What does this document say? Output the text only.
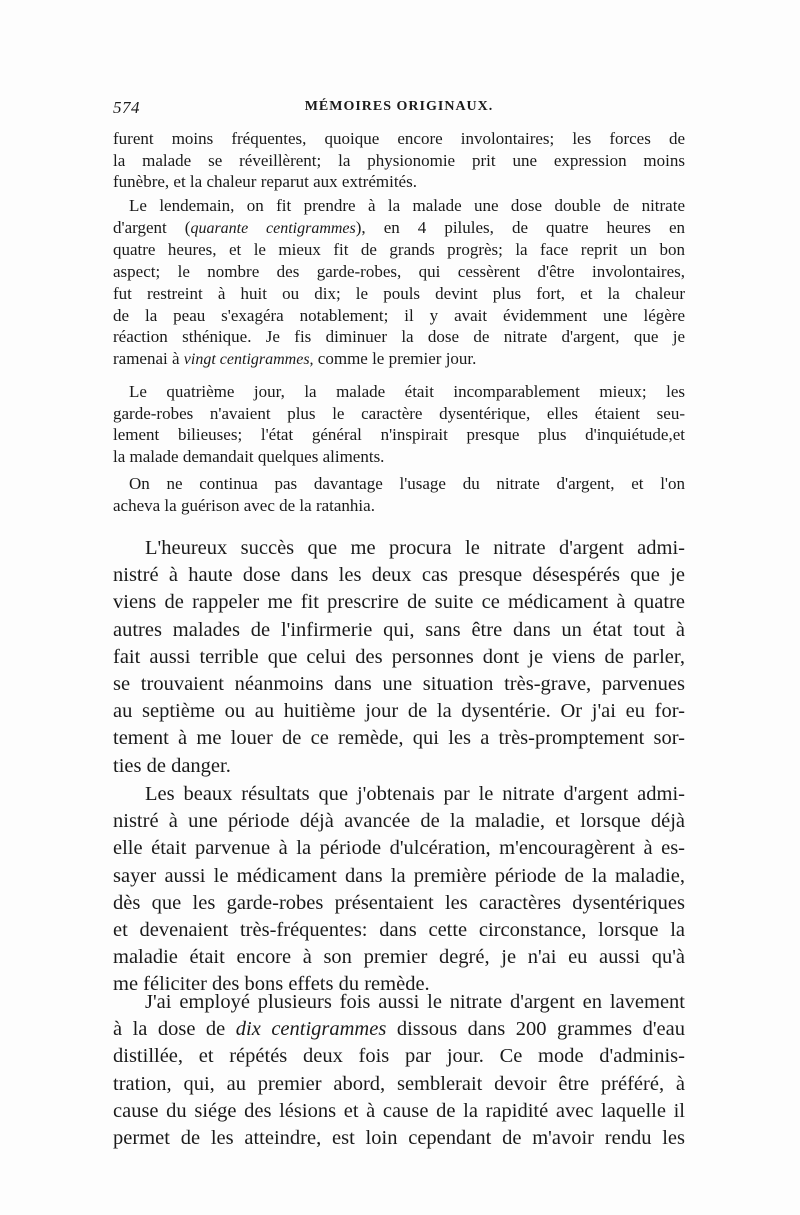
574	MÉMOIRES ORIGINAUX.
furent moins fréquentes, quoique encore involontaires; les forces de
la malade se réveillèrent; la physionomie prit une expression moins
funèbre, et la chaleur reparut aux extrémités.
Le lendemain, on fit prendre à la malade une dose double de nitrate
d'argent (quarante centigrammes), en 4 pilules, de quatre heures en
quatre heures, et le mieux fit de grands progrès; la face reprit un bon
aspect; le nombre des garde-robes, qui cessèrent d'être involontaires,
fut restreint à huit ou dix; le pouls devint plus fort, et la chaleur
de la peau s'exagéra notablement; il y avait évidemment une légère
réaction sthénique. Je fis diminuer la dose de nitrate d'argent, que je
ramenai à vingt centigrammes, comme le premier jour.
Le quatrième jour, la malade était incomparablement mieux; les
garde-robes n'avaient plus le caractère dysentérique, elles étaient seu-
lement bilieuses; l'état général n'inspirait presque plus d'inquiétude,et
la malade demandait quelques aliments.
On ne continua pas davantage l'usage du nitrate d'argent, et l'on
acheva la guérison avec de la ratanhia.
L'heureux succès que me procura le nitrate d'argent admi-
nistré à haute dose dans les deux cas presque désespérés que je
viens de rappeler me fit prescrire de suite ce médicament à quatre
autres malades de l'infirmerie qui, sans être dans un état tout à
fait aussi terrible que celui des personnes dont je viens de parler,
se trouvaient néanmoins dans une situation très-grave, parvenues
au septième ou au huitième jour de la dysentérie. Or j'ai eu for-
tement à me louer de ce remède, qui les a très-promptement sor-
ties de danger.
Les beaux résultats que j'obtenais par le nitrate d'argent admi-
nistré à une période déjà avancée de la maladie, et lorsque déjà
elle était parvenue à la période d'ulcération, m'encouragèrent à es-
sayer aussi le médicament dans la première période de la maladie,
dès que les garde-robes présentaient les caractères dysentériques
et devenaient très-fréquentes: dans cette circonstance, lorsque la
maladie était encore à son premier degré, je n'ai eu aussi qu'à
me féliciter des bons effets du remède.
J'ai employé plusieurs fois aussi le nitrate d'argent en lavement
à la dose de dix centigrammes dissous dans 200 grammes d'eau
distillée, et répétés deux fois par jour. Ce mode d'adminis-
tration, qui, au premier abord, semblerait devoir être préféré, à
cause du siége des lésions et à cause de la rapidité avec laquelle il
permet de les atteindre, est loin cependant de m'avoir rendu les
